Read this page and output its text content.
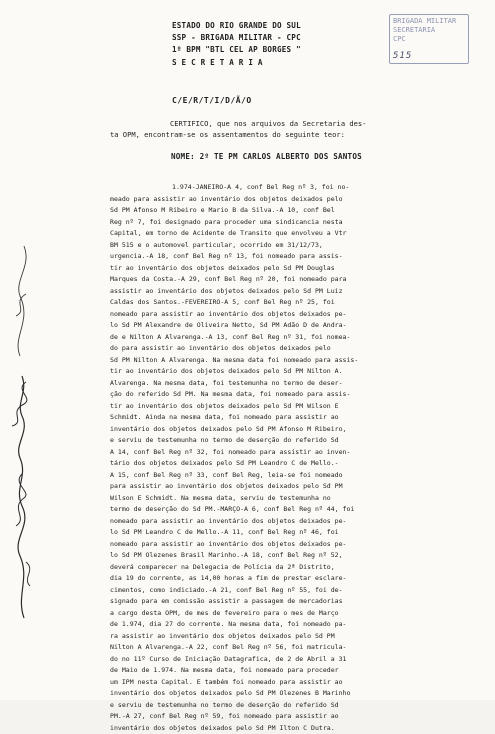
BRIGADA MILITAR
SECRETARIA
CPC
515
ESTADO DO RIO GRANDE DO SUL
SSP - BRIGADA MILITAR - CPC
1º BPM "BTL CEL AP BORGES "
S E C R E T A R I A
C/E/R/T/I/D/Ã/O
CERTIFICO, que nos arquivos da Secretaria des-
ta OPM, encontram-se os assentamentos do seguinte teor:
NOME: 2º TE PM CARLOS ALBERTO DOS SANTOS
1.974-JANEIRO-A 4, conf Bel Reg nº 3, foi no-
meado para assistir ao inventário dos objetos deixados pelo
Sd PM Afonso M Ribeiro e Mario B da Silva.-A 10, conf Bel
Reg nº 7, foi designado para proceder uma sindicancia nesta
Capital, em torno de Acidente de Transito que envolveu a Vtr
BM 515 e o automovel particular, ocorrido em 31/12/73,
urgencia.-A 18, conf Bel Reg nº 13, foi nomeado para assis-
tir ao inventário dos objetos deixados pelo Sd PM Douglas
Marques da Costa.-A 29, conf Bel Reg nº 20, foi nomeado para
assistir ao inventário dos objetos deixados pelo Sd PM Luiz
Caldas dos Santos.-FEVEREIRO-A 5, conf Bel Reg nº 25, foi
nomeado para assistir ao inventário dos objetos deixados pe-
lo Sd PM Alexandre de Oliveira Netto, Sd PM Adão D de Andra-
de e Nilton A Alvarenga.-A 13, conf Bel Reg nº 31, foi nomea-
do para assistir ao inventário dos objetos deixados pelo
Sd PM Nilton A Alvarenga. Na mesma data foi nomeado para assis-
tir ao inventário dos objetos deixados pelo Sd PM Nilton A.
Alvarenga. Na mesma data, foi testemunha no termo de deser-
ção do referido Sd PM. Na mesma data, foi nomeado para assis-
tir ao inventário dos objetos deixados pelo Sd PM Wilson E
Schmidt. Ainda na mesma data, foi nomeado para assistir ao
inventário dos objetos deixados pelo Sd PM Afonso M Ribeiro,
e serviu de testemunha no termo de deserção do referido Sd
A 14, conf Bel Reg nº 32, foi nomeado para assistir ao inven-
tário dos objetos deixados pelo Sd PM Leandro C de Mello.-
A 15, conf Bel Reg nº 33, conf Bel Reg, leia-se foi nomeado
para assistir ao inventário dos objetos deixados pelo Sd PM
Wilson E Schmidt. Na mesma data, serviu de testemunha no
termo de deserção do Sd PM.-MARÇO-A 6, conf Bel Reg nº 44, foi
nomeado para assistir ao inventário dos objetos deixados pe-
lo Sd PM Leandro C de Mello.-A 11, conf Bel Reg nº 46, foi
nomeado para assistir ao inventário dos objetos deixados pe-
lo Sd PM Olezenes Brasil Marinho.-A 18, conf Bel Reg nº 52,
deverá comparecer na Delegacia de Polícia da 2ª Distrito,
dia 19 do corrente, as 14,00 horas a fim de prestar esclare-
cimentos, como indiciado.-A 21, conf Bel Reg nº 55, foi de-
signado para em comissão assistir a passagem de mercadorias
a cargo desta OPM, de mes de fevereiro para o mes de Março
de 1.974, dia 27 do corrente. Na mesma data, foi nomeado pa-
ra assistir ao inventário dos objetos deixados pelo Sd PM
Nilton A Alvarenga.-A 22, conf Bel Reg nº 56, foi matricula-
do no 11º Curso de Iniciação Datagrafica, de 2 de Abril a 31
de Maio de 1.974. Na mesma data, foi nomeado para proceder
um IPM nesta Capital. E também foi nomeado para assistir ao
inventário dos objetos deixados pelo Sd PM Olezenes B Marinho
e serviu de testemunha no termo de deserção do referido Sd
PM.-A 27, conf Bel Reg nº 59, foi nomeado para assistir ao
inventário dos objetos deixados pelo Sd PM Ilton C Dutra.
